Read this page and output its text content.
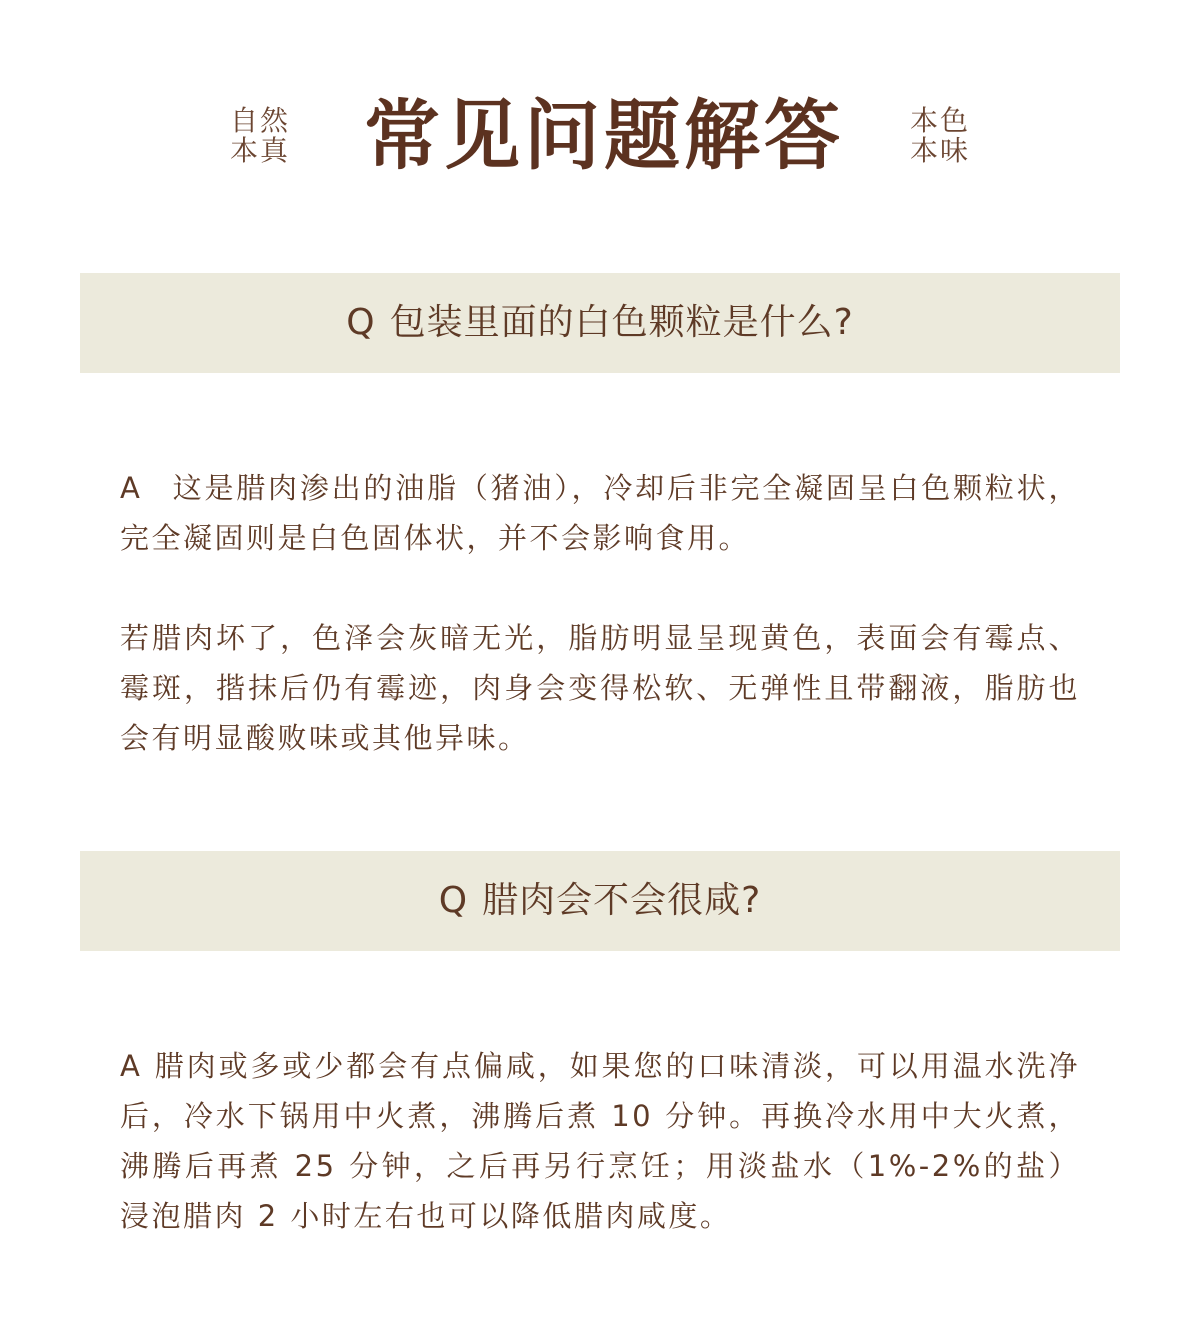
自然
本真 常见问题解答	本色
本味
Q 包装里面的白色颗粒是什么?
A 这是腊肉渗出的油脂（猪油），冷却后非完全凝固呈白色颗粒状，完全凝固则是白色固体状，并不会影响食用。
若腊肉坏了，色泽会灰暗无光，脂肪明显呈现黄色，表面会有霉点、霉斑，揩抹后仍有霉迹，肉身会变得松软、无弹性且带翻液，脂肪也会有明显酸败味或其他异味。
Q 腊肉会不会很咸?
A 腊肉或多或少都会有点偏咸，如果您的口味清淡，可以用温水洗净后，冷水下锅用中火煮，沸腾后煮 10 分钟。再换冷水用中大火煮，沸腾后再煮 25 分钟，之后再另行烹饪；用淡盐水（1%-2%的盐）浸泡腊肉 2 小时左右也可以降低腊肉咸度。
